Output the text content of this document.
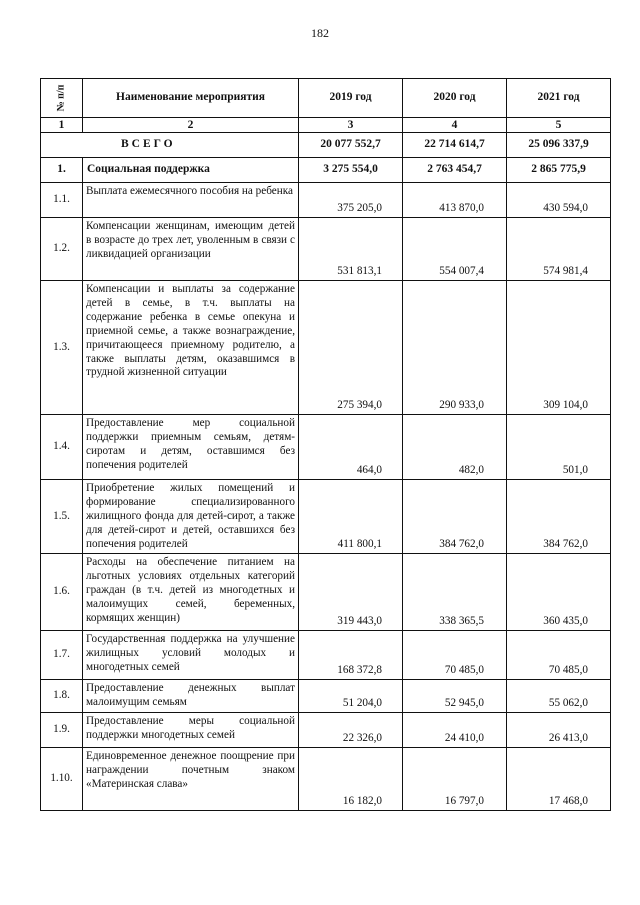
182
№ п/п	Наименование мероприятия	2019 год	2020 год	2021 год
1	2	3	4	5
ВСЕГО		20 077 552,7	22 714 614,7	25 096 337,9
1.	Социальная поддержка	3 275 554,0	2 763 454,7	2 865 775,9
1.1.	Выплата ежемесячного пособия на ребенка	375 205,0	413 870,0	430 594,0
1.2.	Компенсации женщинам, имеющим детей в возрасте до трех лет, уволенным в связи с ликвидацией организации	531 813,1	554 007,4	574 981,4
1.3.	Компенсации и выплаты за содержание детей в семье, в т.ч. выплаты на содержание ребенка в семье опекуна и приемной семье, а также вознаграждение, причитающееся приемному родителю, а также выплаты детям, оказавшимся в трудной жизненной ситуации	275 394,0	290 933,0	309 104,0
1.4.	Предоставление мер социальной поддержки приемным семьям, детям-сиротам и детям, оставшимся без попечения родителей	464,0	482,0	501,0
1.5.	Приобретение жилых помещений и формирование специализированного жилищного фонда для детей-сирот, а также для детей-сирот и детей, оставшихся без попечения родителей	411 800,1	384 762,0	384 762,0
1.6.	Расходы на обеспечение питанием на льготных условиях отдельных категорий граждан (в т.ч. детей из многодетных и малоимущих семей, беременных, кормящих женщин)	319 443,0	338 365,5	360 435,0
1.7.	Государственная поддержка на улучшение жилищных условий молодых и многодетных семей	168 372,8	70 485,0	70 485,0
1.8.	Предоставление денежных выплат малоимущим семьям	51 204,0	52 945,0	55 062,0
1.9.	Предоставление меры социальной поддержки многодетных семей	22 326,0	24 410,0	26 413,0
1.10.	Единовременное денежное поощрение при награждении почетным знаком «Материнская слава»	16 182,0	16 797,0	17 468,0
